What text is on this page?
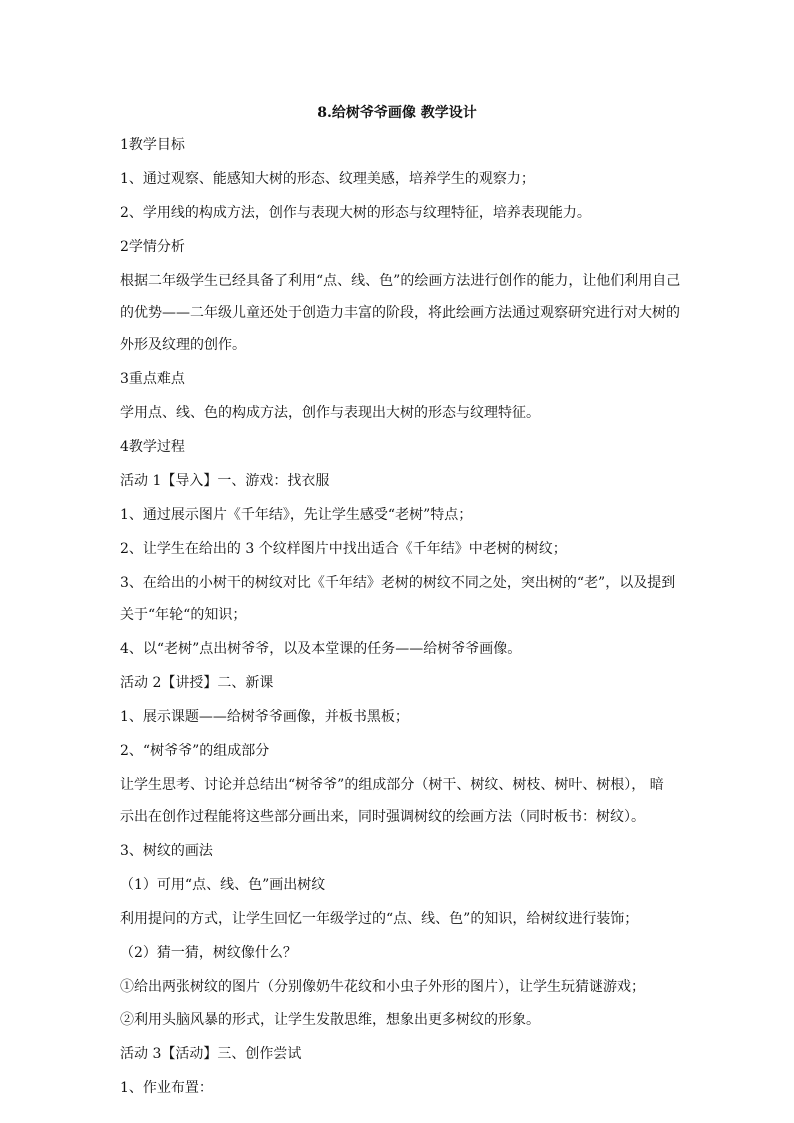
8.给树爷爷画像 教学设计
1教学目标
1、通过观察、能感知大树的形态、纹理美感，培养学生的观察力；
2、学用线的构成方法，创作与表现大树的形态与纹理特征，培养表现能力。
2学情分析
根据二年级学生已经具备了利用“点、线、色”的绘画方法进行创作的能力，让他们利用自己
的优势——二年级儿童还处于创造力丰富的阶段，将此绘画方法通过观察研究进行对大树的
外形及纹理的创作。
3重点难点
学用点、线、色的构成方法，创作与表现出大树的形态与纹理特征。
4教学过程
活动 1【导入】一、游戏：找衣服
1、通过展示图片《千年结》，先让学生感受“老树”特点；
2、让学生在给出的 3 个纹样图片中找出适合《千年结》中老树的树纹；
3、在给出的小树干的树纹对比《千年结》老树的树纹不同之处，突出树的“老”，以及提到
关于“年轮“的知识；
4、以“老树”点出树爷爷，以及本堂课的任务——给树爷爷画像。
活动 2【讲授】二、新课
1、展示课题——给树爷爷画像，并板书黑板；
2、“树爷爷”的组成部分
让学生思考、讨论并总结出“树爷爷”的组成部分（树干、树纹、树枝、树叶、树根）， 暗
示出在创作过程能将这些部分画出来，同时强调树纹的绘画方法（同时板书：树纹）。
3、树纹的画法
（1）可用“点、线、色”画出树纹
利用提问的方式，让学生回忆一年级学过的“点、线、色”的知识，给树纹进行装饰；
（2）猜一猜，树纹像什么？
①给出两张树纹的图片（分别像奶牛花纹和小虫子外形的图片），让学生玩猜谜游戏；
②利用头脑风暴的形式，让学生发散思维，想象出更多树纹的形象。
活动 3【活动】三、创作尝试
1、作业布置：
